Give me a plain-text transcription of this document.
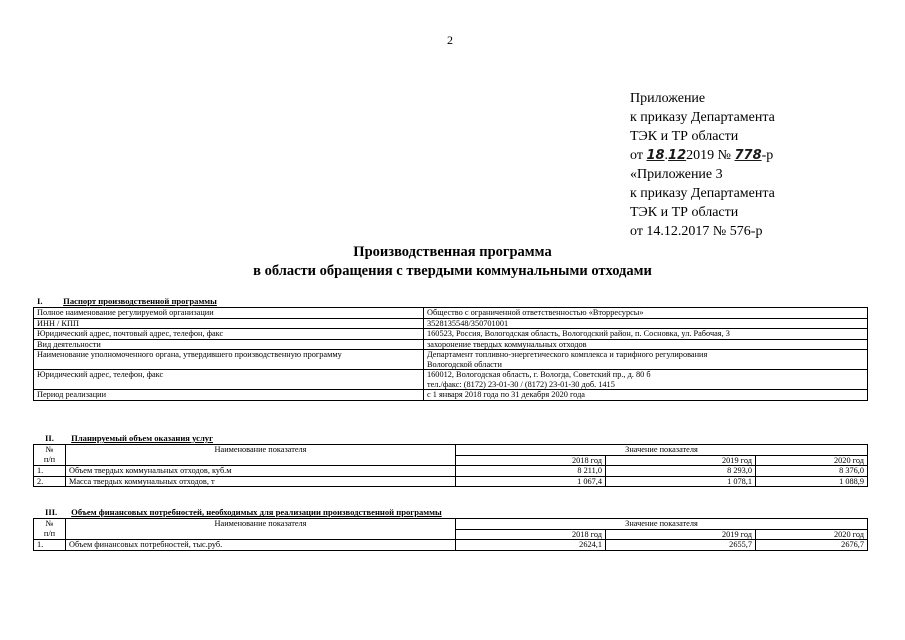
2
Приложение
к приказу Департамента
ТЭК и ТР области
от 18.122019 № 778-р
«Приложение 3
к приказу Департамента
ТЭК и ТР области
от 14.12.2017 № 576-р
Производственная программа
в области обращения с твердыми коммунальными отходами
I. Паспорт производственной программы
Полное наименование регулируемой организации	Общество с ограниченной ответственностью «Вторресурсы»
ИНН / КПП	3528135548/350701001
Юридический адрес, почтовый адрес, телефон, факс	160523, Россия, Вологодская область, Вологодский район, п. Сосновка, ул. Рабочая, 3
Вид деятельности	захоронение твердых коммунальных отходов
Наименование уполномоченного органа, утвердившего производственную программу	Департамент топливно-энергетического комплекса и тарифного регулирования
Вологодской области

Юридический адрес, телефон, факс	160012, Вологодская область, г. Вологда, Советский пр., д. 80 б
тел./факс: (8172) 23-01-30 / (8172) 23-01-30 доб. 1415

Период реализации	с 1 января 2018 года по 31 декабря 2020 года
II. Планируемый объем оказания услуг
№
п/п	Наименование показателя	Значение показателя		
		2018 год	2019 год	2020 год
1.	Объем твердых коммунальных отходов, куб.м	8 211,0	8 293,0	8 376,0
2.	Масса твердых коммунальных отходов, т	1 067,4	1 078,1	1 088,9
III. Объем финансовых потребностей, необходимых для реализации производственной программы
№
п/п	Наименование показателя	Значение показателя		
		2018 год	2019 год	2020 год
1.	Объем финансовых потребностей, тыс.руб.	2624,1	2655,7	2676,7
